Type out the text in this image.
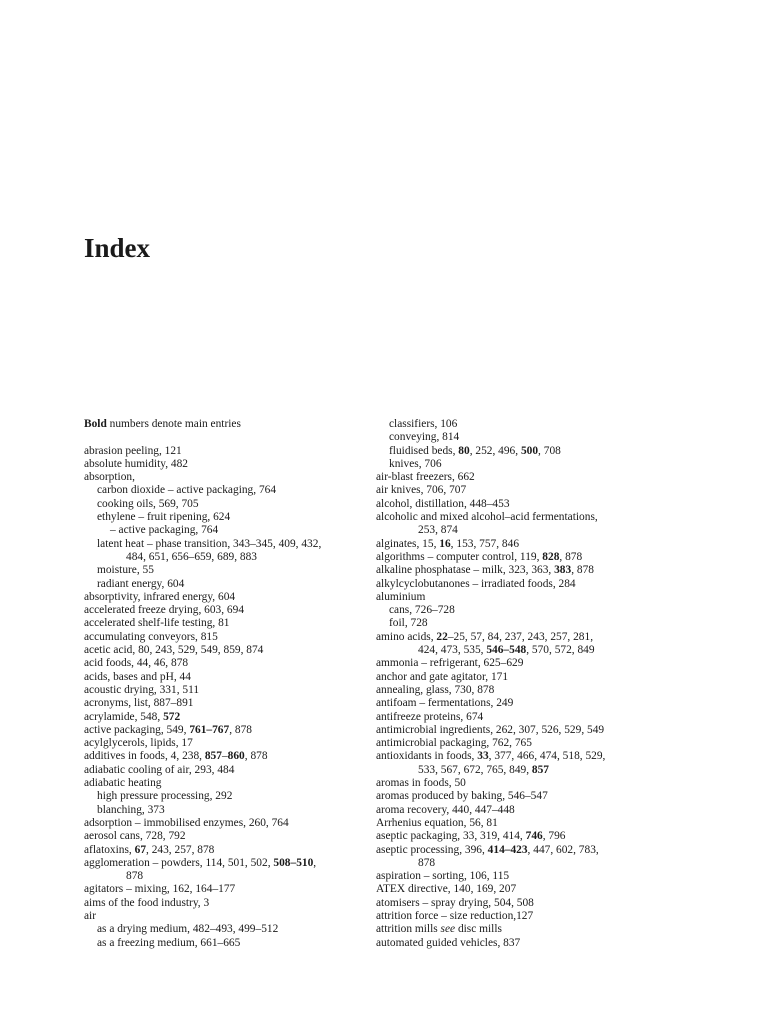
Index
Bold numbers denote main entries
abrasion peeling, 121
absolute humidity, 482
absorption,
carbon dioxide – active packaging, 764
cooking oils, 569, 705
ethylene – fruit ripening, 624
– active packaging, 764
latent heat – phase transition, 343–345, 409, 432,
484, 651, 656–659, 689, 883
moisture, 55
radiant energy, 604
absorptivity, infrared energy, 604
accelerated freeze drying, 603, 694
accelerated shelf-life testing, 81
accumulating conveyors, 815
acetic acid, 80, 243, 529, 549, 859, 874
acid foods, 44, 46, 878
acids, bases and pH, 44
acoustic drying, 331, 511
acronyms, list, 887–891
acrylamide, 548, 572
active packaging, 549, 761–767, 878
acylglycerols, lipids, 17
additives in foods, 4, 238, 857–860, 878
adiabatic cooling of air, 293, 484
adiabatic heating
high pressure processing, 292
blanching, 373
adsorption – immobilised enzymes, 260, 764
aerosol cans, 728, 792
aflatoxins, 67, 243, 257, 878
agglomeration – powders, 114, 501, 502, 508–510,
878
agitators – mixing, 162, 164–177
aims of the food industry, 3
air
as a drying medium, 482–493, 499–512
as a freezing medium, 661–665
classifiers, 106
conveying, 814
fluidised beds, 80, 252, 496, 500, 708
knives, 706
air-blast freezers, 662
air knives, 706, 707
alcohol, distillation, 448–453
alcoholic and mixed alcohol–acid fermentations,
253, 874
alginates, 15, 16, 153, 757, 846
algorithms – computer control, 119, 828, 878
alkaline phosphatase – milk, 323, 363, 383, 878
alkylcyclobutanones – irradiated foods, 284
aluminium
cans, 726–728
foil, 728
amino acids, 22–25, 57, 84, 237, 243, 257, 281,
424, 473, 535, 546–548, 570, 572, 849
ammonia – refrigerant, 625–629
anchor and gate agitator, 171
annealing, glass, 730, 878
antifoam – fermentations, 249
antifreeze proteins, 674
antimicrobial ingredients, 262, 307, 526, 529, 549
antimicrobial packaging, 762, 765
antioxidants in foods, 33, 377, 466, 474, 518, 529,
533, 567, 672, 765, 849, 857
aromas in foods, 50
aromas produced by baking, 546–547
aroma recovery, 440, 447–448
Arrhenius equation, 56, 81
aseptic packaging, 33, 319, 414, 746, 796
aseptic processing, 396, 414–423, 447, 602, 783,
878
aspiration – sorting, 106, 115
ATEX directive, 140, 169, 207
atomisers – spray drying, 504, 508
attrition force – size reduction,127
attrition mills see disc mills
automated guided vehicles, 837
